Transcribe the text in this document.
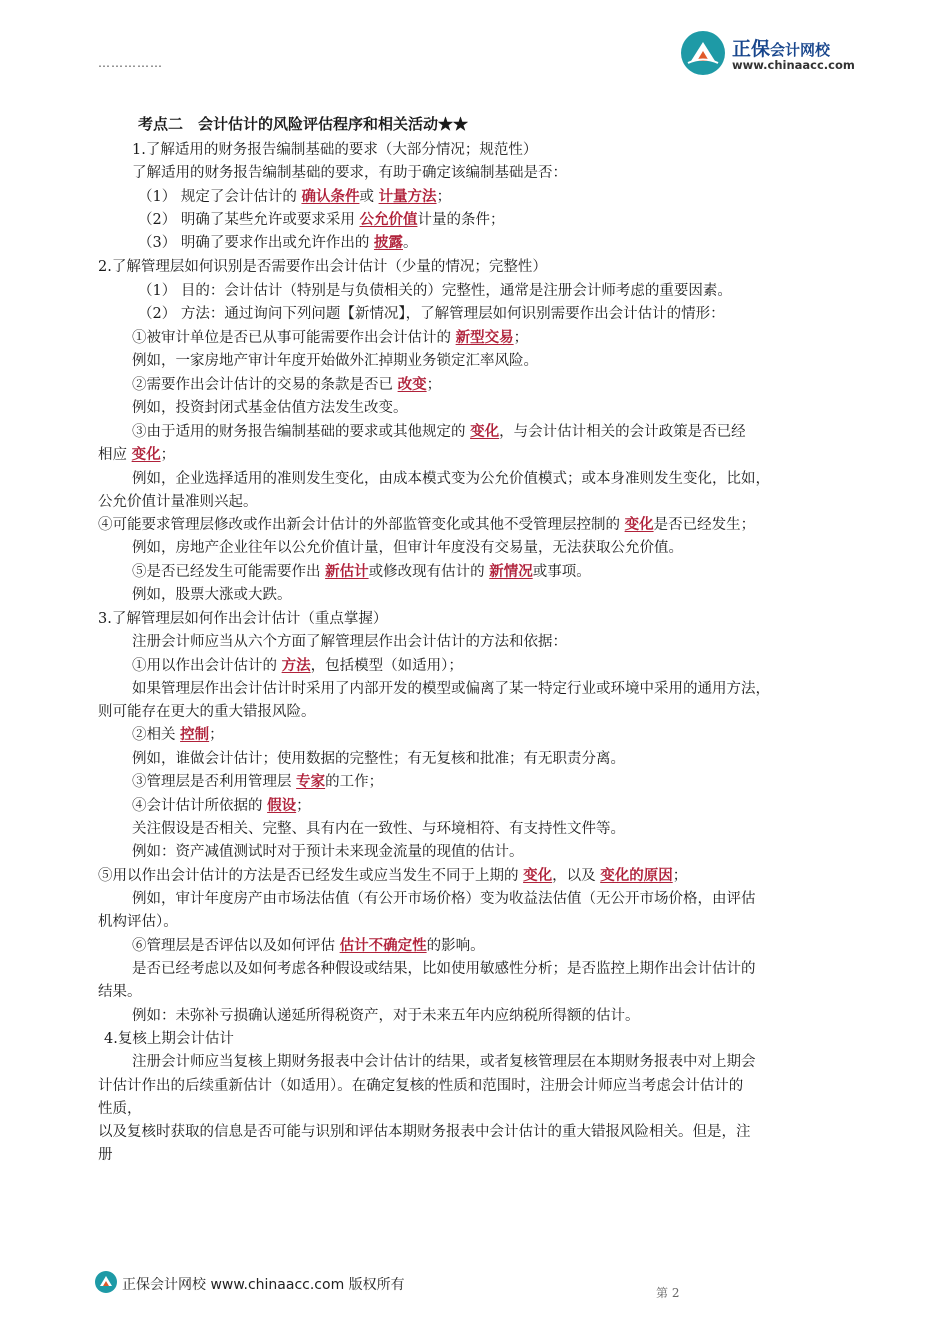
……………
正保会计网校
www.chinaacc.com
考点二　会计估计的风险评估程序和相关活动★★
1.了解适用的财务报告编制基础的要求（大部分情况；规范性）
了解适用的财务报告编制基础的要求，有助于确定该编制基础是否：
（1） 规定了会计估计的 确认条件或 计量方法；
（2） 明确了某些允许或要求采用 公允价值计量的条件；
（3） 明确了要求作出或允许作出的 披露。
2.了解管理层如何识别是否需要作出会计估计（少量的情况；完整性）
（1） 目的：会计估计（特别是与负债相关的）完整性，通常是注册会计师考虑的重要因素。
（2） 方法：通过询问下列问题【新情况】，了解管理层如何识别需要作出会计估计的情形：
①被审计单位是否已从事可能需要作出会计估计的 新型交易；
例如，一家房地产审计年度开始做外汇掉期业务锁定汇率风险。
②需要作出会计估计的交易的条款是否已 改变；
例如，投资封闭式基金估值方法发生改变。
③由于适用的财务报告编制基础的要求或其他规定的 变化，与会计估计相关的会计政策是否已经
相应 变化；
例如，企业选择适用的准则发生变化，由成本模式变为公允价值模式；或本身准则发生变化，比如，
公允价值计量准则兴起。
④可能要求管理层修改或作出新会计估计的外部监管变化或其他不受管理层控制的 变化是否已经发生；
例如，房地产企业往年以公允价值计量，但审计年度没有交易量，无法获取公允价值。
⑤是否已经发生可能需要作出 新估计或修改现有估计的 新情况或事项。
例如，股票大涨或大跌。
3.了解管理层如何作出会计估计（重点掌握）
注册会计师应当从六个方面了解管理层作出会计估计的方法和依据：
①用以作出会计估计的 方法，包括模型（如适用）；
如果管理层作出会计估计时采用了内部开发的模型或偏离了某一特定行业或环境中采用的通用方法，
则可能存在更大的重大错报风险。
②相关 控制；
例如，谁做会计估计；使用数据的完整性；有无复核和批准；有无职责分离。
③管理层是否利用管理层 专家的工作；
④会计估计所依据的 假设；
关注假设是否相关、完整、具有内在一致性、与环境相符、有支持性文件等。
例如：资产减值测试时对于预计未来现金流量的现值的估计。
⑤用以作出会计估计的方法是否已经发生或应当发生不同于上期的 变化，以及 变化的原因；
例如，审计年度房产由市场法估值（有公开市场价格）变为收益法估值（无公开市场价格，由评估
机构评估）。
⑥管理层是否评估以及如何评估 估计不确定性的影响。
是否已经考虑以及如何考虑各种假设或结果，比如使用敏感性分析；是否监控上期作出会计估计的
结果。
例如：未弥补亏损确认递延所得税资产，对于未来五年内应纳税所得额的估计。
4.复核上期会计估计
注册会计师应当复核上期财务报表中会计估计的结果，或者复核管理层在本期财务报表中对上期会
计估计作出的后续重新估计（如适用）。在确定复核的性质和范围时，注册会计师应当考虑会计估计的
性质，
以及复核时获取的信息是否可能与识别和评估本期财务报表中会计估计的重大错报风险相关。但是，注
册
正保会计网校 www.chinaacc.com 版权所有	第 2
